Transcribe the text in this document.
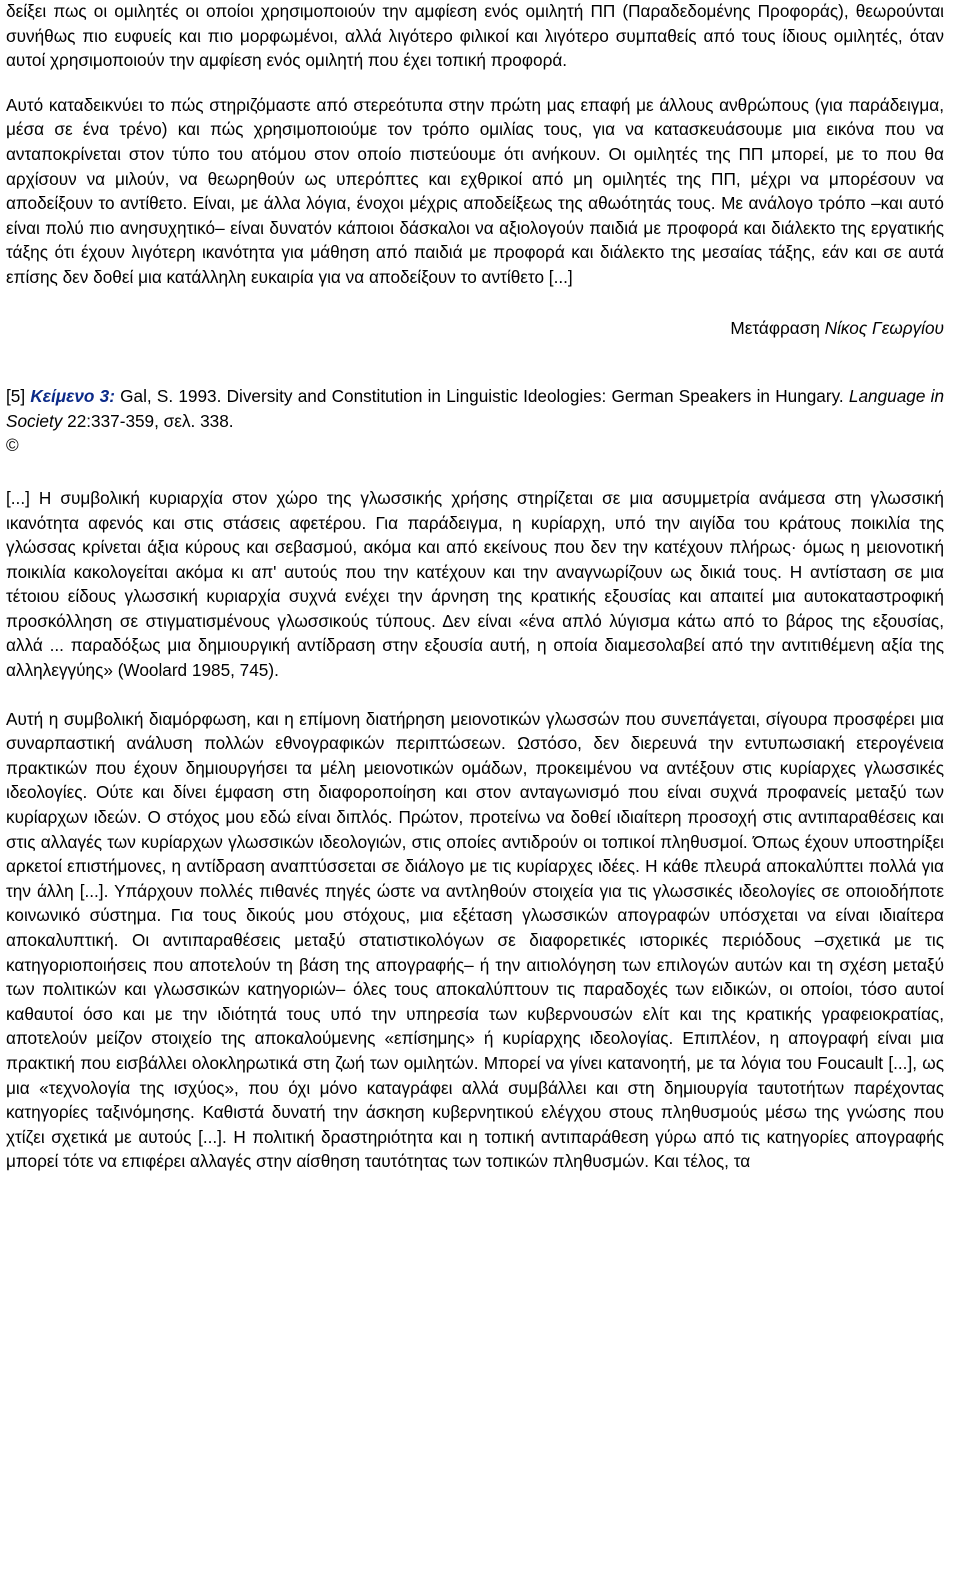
δείξει πως οι ομιλητές οι οποίοι χρησιμοποιούν την αμφίεση ενός ομιλητή ΠΠ (Παραδεδομένης Προφοράς), θεωρούνται συνήθως πιο ευφυείς και πιο μορφωμένοι, αλλά λιγότερο φιλικοί και λιγότερο συμπαθείς από τους ίδιους ομιλητές, όταν αυτοί χρησιμοποιούν την αμφίεση ενός ομιλητή που έχει τοπική προφορά.

Αυτό καταδεικνύει το πώς στηριζόμαστε από στερεότυπα στην πρώτη μας επαφή με άλλους ανθρώπους (για παράδειγμα, μέσα σε ένα τρένο) και πώς χρησιμοποιούμε τον τρόπο ομιλίας τους, για να κατασκευάσουμε μια εικόνα που να ανταποκρίνεται στον τύπο του ατόμου στον οποίο πιστεύουμε ότι ανήκουν. Οι ομιλητές της ΠΠ μπορεί, με το που θα αρχίσουν να μιλούν, να θεωρηθούν ως υπερόπτες και εχθρικοί από μη ομιλητές της ΠΠ, μέχρι να μπορέσουν να αποδείξουν το αντίθετο. Είναι, με άλλα λόγια, ένοχοι μέχρις αποδείξεως της αθωότητάς τους. Με ανάλογο τρόπο –και αυτό είναι πολύ πιο ανησυχητικό– είναι δυνατόν κάποιοι δάσκαλοι να αξιολογούν παιδιά με προφορά και διάλεκτο της εργατικής τάξης ότι έχουν λιγότερη ικανότητα για μάθηση από παιδιά με προφορά και διάλεκτο της μεσαίας τάξης, εάν και σε αυτά επίσης δεν δοθεί μια κατάλληλη ευκαιρία για να αποδείξουν το αντίθετο [...]

Μετάφραση Νίκος Γεωργίου

[5] Κείμενο 3: Gal, S. 1993. Diversity and Constitution in Linguistic Ideologies: German Speakers in Hungary. Language in Society 22:337-359, σελ. 338.

©

[...] Η συμβολική κυριαρχία στον χώρο της γλωσσικής χρήσης στηρίζεται σε μια ασυμμετρία ανάμεσα στη γλωσσική ικανότητα αφενός και στις στάσεις αφετέρου. Για παράδειγμα, η κυρίαρχη, υπό την αιγίδα του κράτους ποικιλία της γλώσσας κρίνεται άξια κύρους και σεβασμού, ακόμα και από εκείνους που δεν την κατέχουν πλήρως· όμως η μειονοτική ποικιλία κακολογείται ακόμα κι απ' αυτούς που την κατέχουν και την αναγνωρίζουν ως δικιά τους. Η αντίσταση σε μια τέτοιου είδους γλωσσική κυριαρχία συχνά ενέχει την άρνηση της κρατικής εξουσίας και απαιτεί μια αυτοκαταστροφική προσκόλληση σε στιγματισμένους γλωσσικούς τύπους. Δεν είναι «ένα απλό λύγισμα κάτω από το βάρος της εξουσίας, αλλά ... παραδόξως μια δημιουργική αντίδραση στην εξουσία αυτή, η οποία διαμεσολαβεί από την αντιτιθέμενη αξία της αλληλεγγύης» (Woolard 1985, 745).

Αυτή η συμβολική διαμόρφωση, και η επίμονη διατήρηση μειονοτικών γλωσσών που συνεπάγεται, σίγουρα προσφέρει μια συναρπαστική ανάλυση πολλών εθνογραφικών περιπτώσεων. Ωστόσο, δεν διερευνά την εντυπωσιακή ετερογένεια πρακτικών που έχουν δημιουργήσει τα μέλη μειονοτικών ομάδων, προκειμένου να αντέξουν στις κυρίαρχες γλωσσικές ιδεολογίες. Ούτε και δίνει έμφαση στη διαφοροποίηση και στον ανταγωνισμό που είναι συχνά προφανείς μεταξύ των κυρίαρχων ιδεών. Ο στόχος μου εδώ είναι διπλός. Πρώτον, προτείνω να δοθεί ιδιαίτερη προσοχή στις αντιπαραθέσεις και στις αλλαγές των κυρίαρχων γλωσσικών ιδεολογιών, στις οποίες αντιδρούν οι τοπικοί πληθυσμοί. Όπως έχουν υποστηρίξει αρκετοί επιστήμονες, η αντίδραση αναπτύσσεται σε διάλογο με τις κυρίαρχες ιδέες. Η κάθε πλευρά αποκαλύπτει πολλά για την άλλη [...]. Υπάρχουν πολλές πιθανές πηγές ώστε να αντληθούν στοιχεία για τις γλωσσικές ιδεολογίες σε οποιοδήποτε κοινωνικό σύστημα. Για τους δικούς μου στόχους, μια εξέταση γλωσσικών απογραφών υπόσχεται να είναι ιδιαίτερα αποκαλυπτική. Οι αντιπαραθέσεις μεταξύ στατιστικολόγων σε διαφορετικές ιστορικές περιόδους –σχετικά με τις κατηγοριοποιήσεις που αποτελούν τη βάση της απογραφής– ή την αιτιολόγηση των επιλογών αυτών και τη σχέση μεταξύ των πολιτικών και γλωσσικών κατηγοριών– όλες τους αποκαλύπτουν τις παραδοχές των ειδικών, οι οποίοι, τόσο αυτοί καθαυτοί όσο και με την ιδιότητά τους υπό την υπηρεσία των κυβερνουσών ελίτ και της κρατικής γραφειοκρατίας, αποτελούν μείζον στοιχείο της αποκαλούμενης «επίσημης» ή κυρίαρχης ιδεολογίας. Επιπλέον, η απογραφή είναι μια πρακτική που εισβάλλει ολοκληρωτικά στη ζωή των ομιλητών. Μπορεί να γίνει κατανοητή, με τα λόγια του Foucault [...], ως μια «τεχνολογία της ισχύος», που όχι μόνο καταγράφει αλλά συμβάλλει και στη δημιουργία ταυτοτήτων παρέχοντας κατηγορίες ταξινόμησης. Καθιστά δυνατή την άσκηση κυβερνητικού ελέγχου στους πληθυσμούς μέσω της γνώσης που χτίζει σχετικά με αυτούς [...]. Η πολιτική δραστηριότητα και η τοπική αντιπαράθεση γύρω από τις κατηγορίες απογραφής μπορεί τότε να επιφέρει αλλαγές στην αίσθηση ταυτότητας των τοπικών πληθυσμών. Και τέλος, τα
